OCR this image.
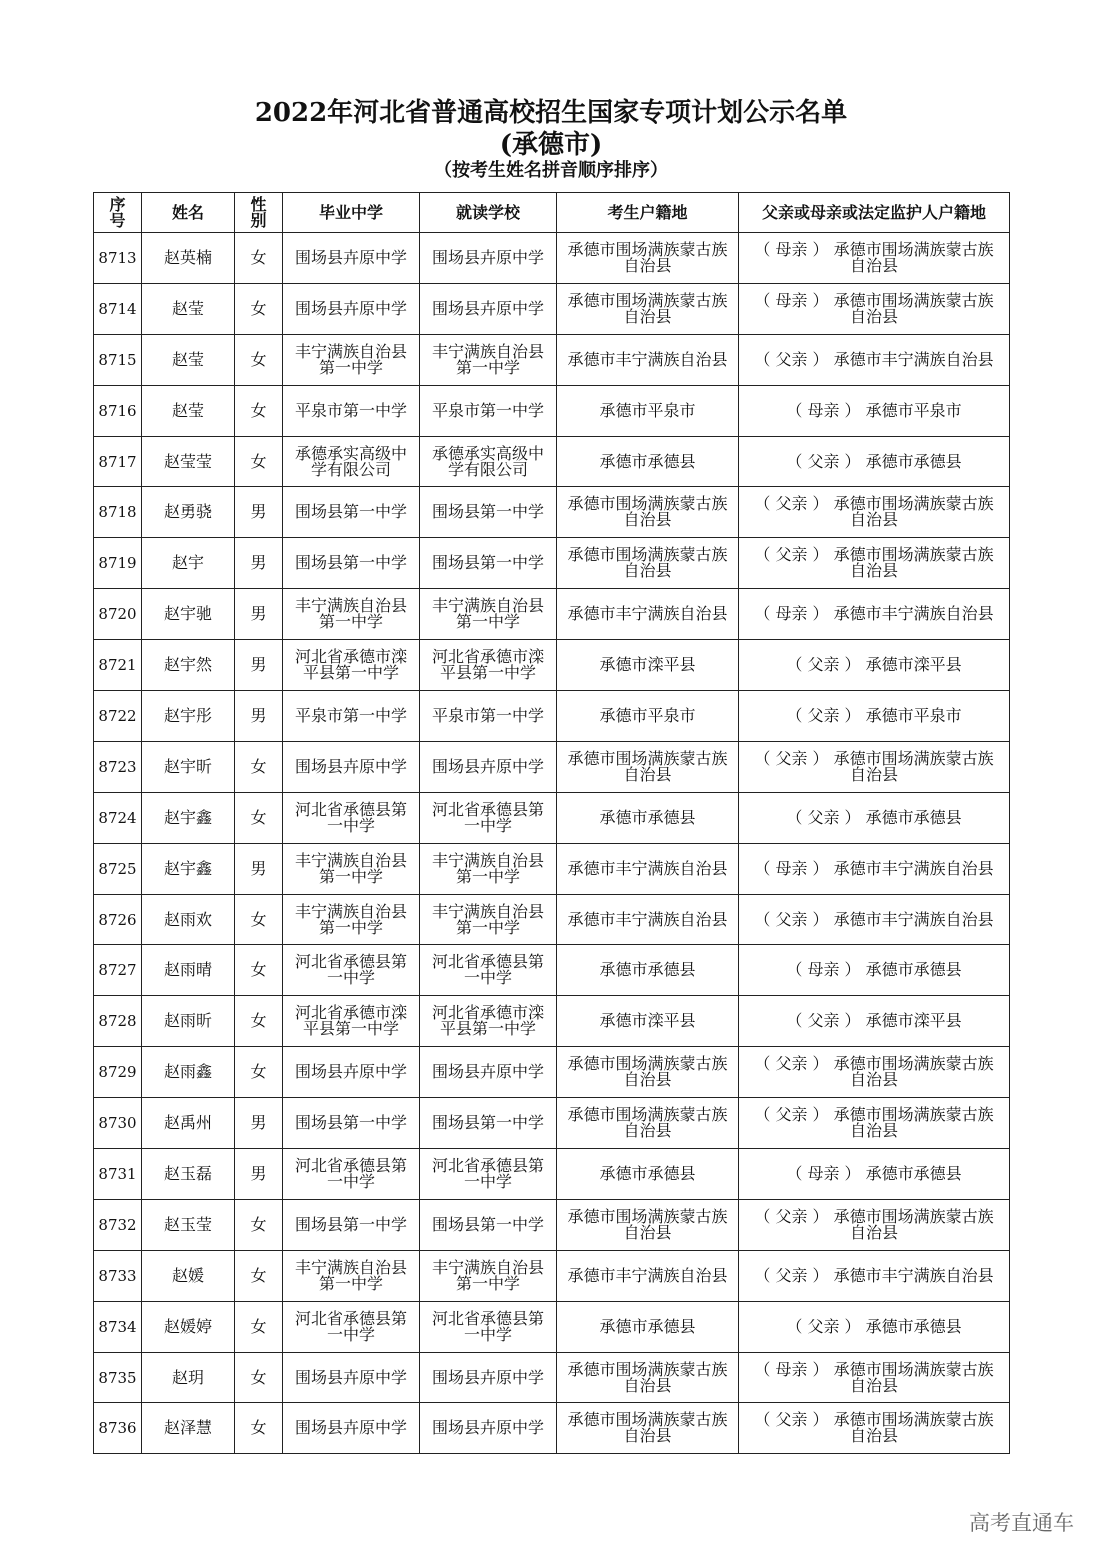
2022年河北省普通高校招生国家专项计划公示名单
(承德市)
（按考生姓名拼音顺序排序）
序号	姓名	性别	毕业中学	就读学校	考生户籍地	父亲或母亲或法定监护人户籍地
8713	赵英楠	女	围场县卉原中学	围场县卉原中学	承德市围场满族蒙古族自治县	（ 母亲 ） 承德市围场满族蒙古族自治县
8714	赵莹	女	围场县卉原中学	围场县卉原中学	承德市围场满族蒙古族自治县	（ 母亲 ） 承德市围场满族蒙古族自治县
8715	赵莹	女	丰宁满族自治县第一中学	丰宁满族自治县第一中学	承德市丰宁满族自治县	（ 父亲 ） 承德市丰宁满族自治县
8716	赵莹	女	平泉市第一中学	平泉市第一中学	承德市平泉市	（ 母亲 ） 承德市平泉市
8717	赵莹莹	女	承德承实高级中学有限公司	承德承实高级中学有限公司	承德市承德县	（ 父亲 ） 承德市承德县
8718	赵勇骁	男	围场县第一中学	围场县第一中学	承德市围场满族蒙古族自治县	（ 父亲 ） 承德市围场满族蒙古族自治县
8719	赵宇	男	围场县第一中学	围场县第一中学	承德市围场满族蒙古族自治县	（ 父亲 ） 承德市围场满族蒙古族自治县
8720	赵宇驰	男	丰宁满族自治县第一中学	丰宁满族自治县第一中学	承德市丰宁满族自治县	（ 母亲 ） 承德市丰宁满族自治县
8721	赵宇然	男	河北省承德市滦平县第一中学	河北省承德市滦平县第一中学	承德市滦平县	（ 父亲 ） 承德市滦平县
8722	赵宇彤	男	平泉市第一中学	平泉市第一中学	承德市平泉市	（ 父亲 ） 承德市平泉市
8723	赵宇昕	女	围场县卉原中学	围场县卉原中学	承德市围场满族蒙古族自治县	（ 父亲 ） 承德市围场满族蒙古族自治县
8724	赵宇鑫	女	河北省承德县第一中学	河北省承德县第一中学	承德市承德县	（ 父亲 ） 承德市承德县
8725	赵宇鑫	男	丰宁满族自治县第一中学	丰宁满族自治县第一中学	承德市丰宁满族自治县	（ 母亲 ） 承德市丰宁满族自治县
8726	赵雨欢	女	丰宁满族自治县第一中学	丰宁满族自治县第一中学	承德市丰宁满族自治县	（ 父亲 ） 承德市丰宁满族自治县
8727	赵雨晴	女	河北省承德县第一中学	河北省承德县第一中学	承德市承德县	（ 母亲 ） 承德市承德县
8728	赵雨昕	女	河北省承德市滦平县第一中学	河北省承德市滦平县第一中学	承德市滦平县	（ 父亲 ） 承德市滦平县
8729	赵雨鑫	女	围场县卉原中学	围场县卉原中学	承德市围场满族蒙古族自治县	（ 父亲 ） 承德市围场满族蒙古族自治县
8730	赵禹州	男	围场县第一中学	围场县第一中学	承德市围场满族蒙古族自治县	（ 父亲 ） 承德市围场满族蒙古族自治县
8731	赵玉磊	男	河北省承德县第一中学	河北省承德县第一中学	承德市承德县	（ 母亲 ） 承德市承德县
8732	赵玉莹	女	围场县第一中学	围场县第一中学	承德市围场满族蒙古族自治县	（ 父亲 ） 承德市围场满族蒙古族自治县
8733	赵媛	女	丰宁满族自治县第一中学	丰宁满族自治县第一中学	承德市丰宁满族自治县	（ 父亲 ） 承德市丰宁满族自治县
8734	赵媛婷	女	河北省承德县第一中学	河北省承德县第一中学	承德市承德县	（ 父亲 ） 承德市承德县
8735	赵玥	女	围场县卉原中学	围场县卉原中学	承德市围场满族蒙古族自治县	（ 母亲 ） 承德市围场满族蒙古族自治县
8736	赵泽慧	女	围场县卉原中学	围场县卉原中学	承德市围场满族蒙古族自治县	（ 父亲 ） 承德市围场满族蒙古族自治县
高考直通车
